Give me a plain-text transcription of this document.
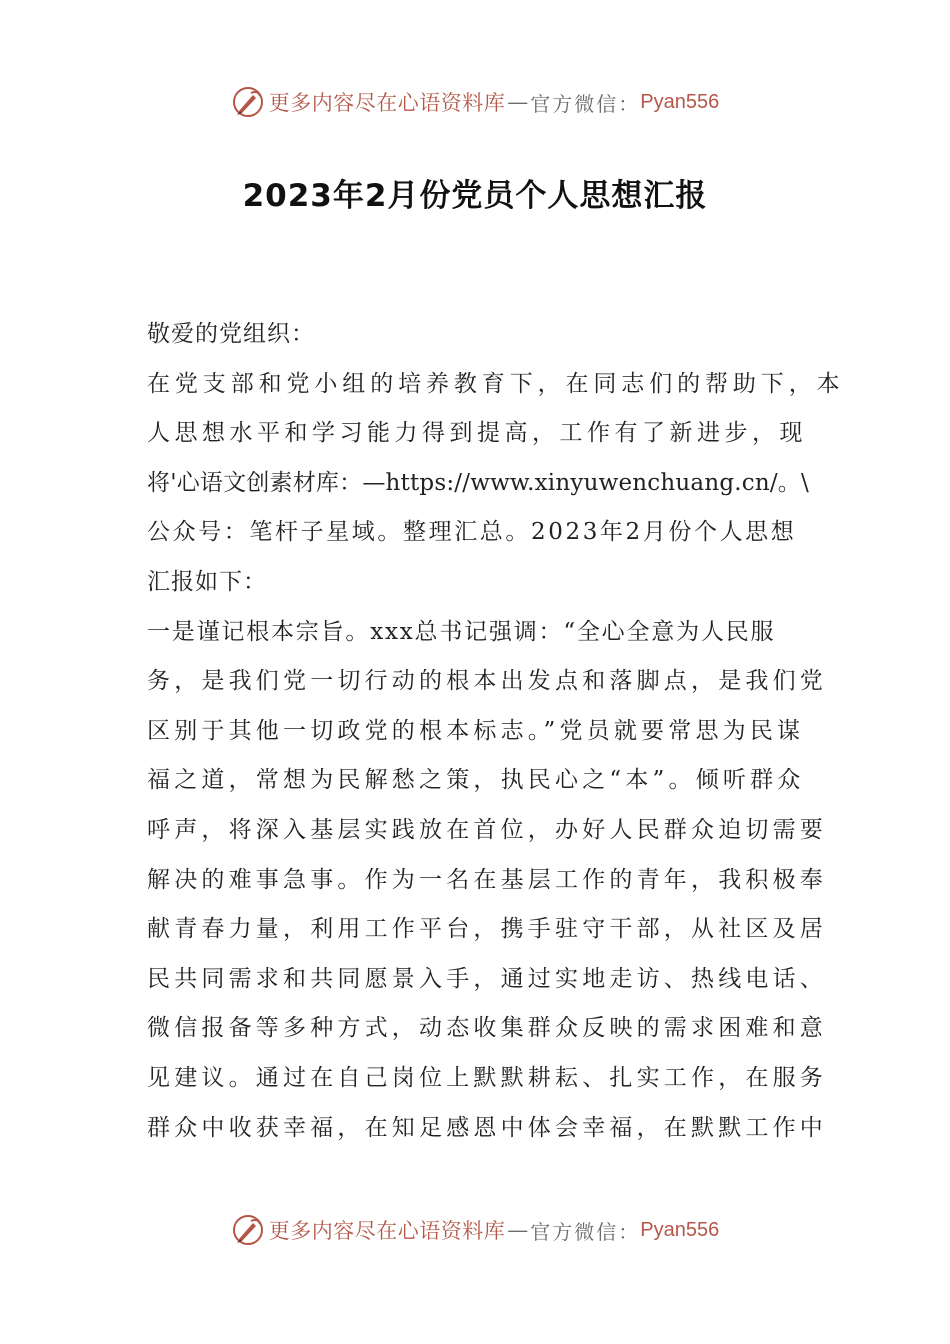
更多内容尽在心语资料库 — 官方微信： Pyan556
2023年2月份党员个人思想汇报
敬爱的党组织：
在党支部和党小组的培养教育下，在同志们的帮助下，本
人思想水平和学习能力得到提高，工作有了新进步，现
将'心语文创素材库：—https://www.xinyuwenchuang.cn/。\
公众号：笔杆子星域。整理汇总。2023年2月份个人思想
汇报如下：
一是谨记根本宗旨。xxx总书记强调：“全心全意为人民服
务，是我们党一切行动的根本出发点和落脚点，是我们党
区别于其他一切政党的根本标志。”党员就要常思为民谋
福之道，常想为民解愁之策，执民心之“本”。倾听群众
呼声，将深入基层实践放在首位，办好人民群众迫切需要
解决的难事急事。作为一名在基层工作的青年，我积极奉
献青春力量，利用工作平台，携手驻守干部，从社区及居
民共同需求和共同愿景入手，通过实地走访、热线电话、
微信报备等多种方式，动态收集群众反映的需求困难和意
见建议。通过在自己岗位上默默耕耘、扎实工作，在服务
群众中收获幸福，在知足感恩中体会幸福，在默默工作中
更多内容尽在心语资料库 — 官方微信： Pyan556
